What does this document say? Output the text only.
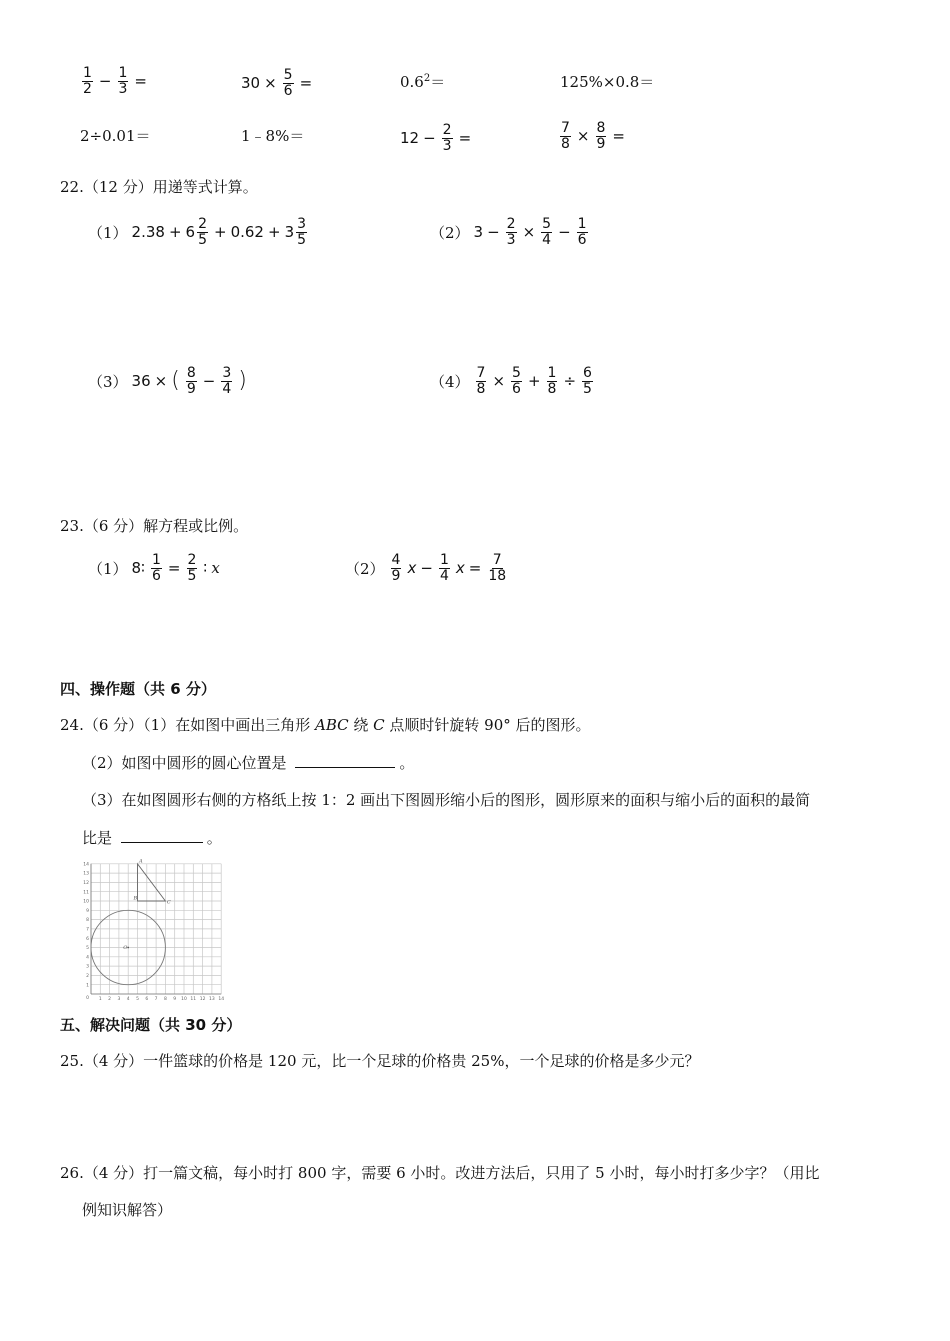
$\frac{1}{2} - \frac{1}{3}$ =	$30 \times \frac{5}{6}$ =	$0.6^2=$	125%×0.8＝
2÷0.01＝	1﹣8%＝	$12 - \frac{2}{3}$ =	$\frac{7}{8} \times \frac{8}{9}$ =
22.（12 分）用递等式计算。
（1） $2.38 + 6 \frac{2}{5} + 0.62 + 3 \frac{3}{5}$	（2） $3 - \frac{2}{3} \times \frac{5}{4} - \frac{1}{6}$
（3） 36 × ( $\frac{8}{9} - \frac{3}{4}$ )	$(4) \frac{7}{8} \times \frac{5}{6} + \frac{1}{8} \div \frac{6}{5}$
23.（6 分）解方程或比例。
（1） 8∶ $\frac{1}{6} = \frac{2}{5}$ ∶ x	$(2) \frac{4}{9}$ $x - \frac{1}{4}$ $x = \frac{7}{18}$
四、操作题（共 6 分）
24.（6 分）（1）在如图中画出三角形 ABC 绕 C 点顺时针旋转 90° 后的图形。
（2）如图中圆形的圆心位置是	。
（3）在如图圆形右侧的方格纸上按 1：2 画出下图圆形缩小后的图形，圆形原来的面积与缩小后的面积的最简
比是	。
1 2 3 4 5 6 7 8 9 10 11 12 13 14
1
2
3
4
5
6
7
8
9
10
11
12
13
14
0
A
B
C
O
五、解决问题（共 30 分）
25.（4 分）一件篮球的价格是 120 元，比一个足球的价格贵 25%，一个足球的价格是多少元？
26.（4 分）打一篇文稿，每小时打 800 字，需要 6 小时。改进方法后，只用了 5 小时，每小时打多少字？（用比
例知识解答）
